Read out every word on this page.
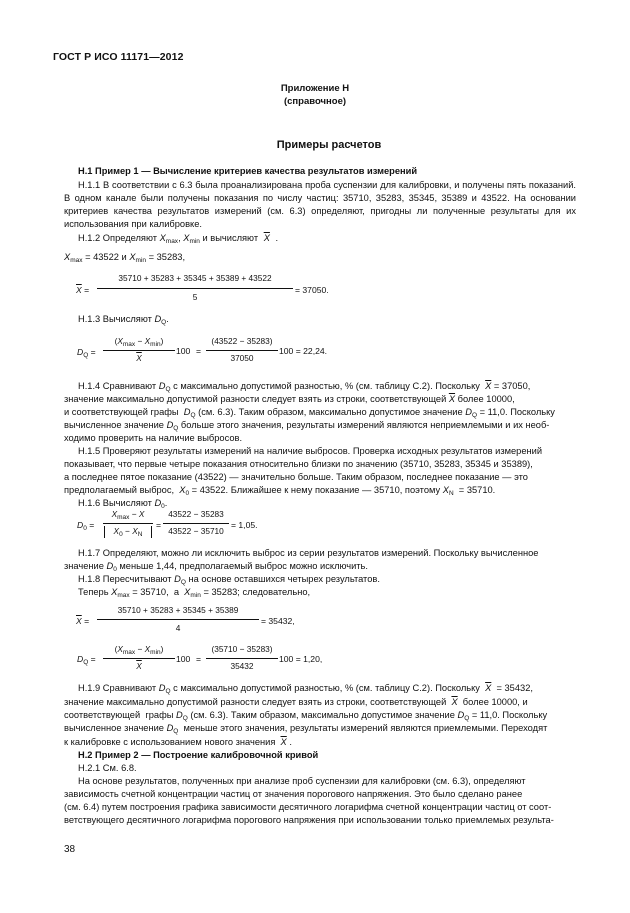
ГОСТ Р ИСО 11171—2012
Приложение Н
(справочное)
Примеры расчетов
Н.1 Пример 1 — Вычисление критериев качества результатов измерений
Н.1.1 В соответствии с 6.3 была проанализирована проба суспензии для калибровки, и получены пять показаний. В одном канале были получены показания по числу частиц: 35710, 35283, 35345, 35389 и 43522. На основании критериев качества результатов измерений (см. 6.3) определяют, пригодны ли полученные результаты для их использования при калибровке.
Н.1.2 Определяют $X_{max}$, $X_{min}$ и вычисляют $\overline{X}$ .
$X_{max} = 43522$ и $X_{min} = 35283$,
$\overline{X}$ =
35710 + 35283 + 35345 + 35389 + 43522
5
= 37050.
Н.1.3 Вычисляют $D_Q$.
$D_Q$ =
$(X_{max} - X_{min})$
$\overline{X}$
100 =
(43522 − 35283)
37050
100 = 22,24.
Н.1.4 Сравнивают $D_Q$ с максимально допустимой разностью, % (см. таблицу С.2). Поскольку  $\overline{X} = 37050$,
значение максимально допустимой разности следует взять из строки, соответствующей $\overline{X}$ более 10000,
и соответствующей графы  $D_Q$ (см. 6.3). Таким образом, максимально допустимое значение $D_Q = 11,0$. Поскольку
вычисленное значение $D_Q$ больше этого значения, результаты измерений являются неприемлемыми и их необ-
ходимо проверить на наличие выбросов.
Н.1.5 Проверяют результаты измерений на наличие выбросов. Проверка исходных результатов измерений
показывает, что первые четыре показания относительно близки по значению (35710, 35283, 35345 и 35389),
а последнее пятое показание (43522) — значительно больше. Таким образом, последнее показание — это
предполагаемый выброс,  $X_0 = 43522$. Ближайшее к нему показание — 35710, поэтому $X_N = 35710$.
Н.1.6 Вычисляют $D_0$.
$D_0$ =
$X_{max} - X$
$X_0 - X_N$
=
43522 − 35283
43522 − 35710
= 1,05.
Н.1.7 Определяют, можно ли исключить выброс из серии результатов измерений. Поскольку вычисленное
значение $D_0$ меньше 1,44, предполагаемый выброс можно исключить.
Н.1.8 Пересчитывают $D_Q$ на основе оставшихся четырех результатов.
Теперь $X_{max} = 35710$,  а  $X_{min} = 35283$; следовательно,
$\overline{X}$ =
35710 + 35283 + 35345 + 35389
4
= 35432,
$D_Q$ =
$(X_{max} - X_{min})$
$\overline{X}$
100 =
(35710 − 35283)
35432
100 = 1,20,
Н.1.9 Сравнивают $D_Q$ с максимально допустимой разностью, % (см. таблицу С.2). Поскольку  $\overline{X} = 35432$,
значение максимально допустимой разности следует взять из строки, соответствующей  $\overline{X}$  более 10000, и
соответствующей  графы $D_Q$ (см. 6.3). Таким образом, максимально допустимое значение $D_Q = 11,0$. Поскольку
вычисленное значение $D_Q$  меньше этого значения, результаты измерений являются приемлемыми. Переходят
к калибровке с использованием нового значения  $\overline{X}$ .
Н.2 Пример 2 — Построение калибровочной кривой
Н.2.1 См. 6.8.
На основе результатов, полученных при анализе проб суспензии для калибровки (см. 6.3), определяют
зависимость счетной концентрации частиц от значения порогового напряжения. Это было сделано ранее
(см. 6.4) путем построения графика зависимости десятичного логарифма счетной концентрации частиц от соот-
ветствующего десятичного логарифма порогового напряжения при использовании только приемлемых результа-
38
